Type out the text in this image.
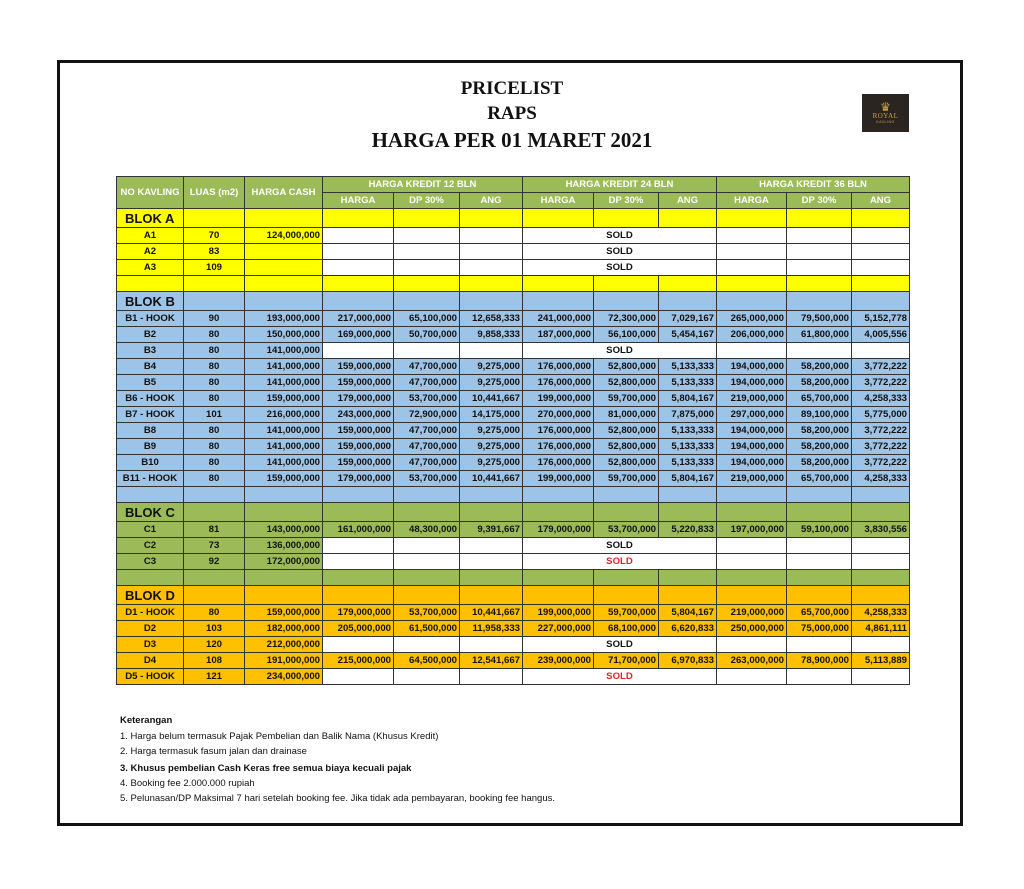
PRICELIST
RAPS
HARGA PER 01 MARET 2021
♛
ROYAL
KAVLING
NO KAVLING	LUAS (m2)	HARGA CASH	HARGA KREDIT 12 BLN			HARGA KREDIT 24 BLN			HARGA KREDIT 36 BLN		
			HARGA	DP 30%	ANG	HARGA	DP 30%	ANG	HARGA	DP 30%	ANG
BLOK A											
A1	70	124,000,000				SOLD					
A2	83					SOLD					
A3	109					SOLD					

BLOK B											
B1 - HOOK	90	193,000,000	217,000,000	65,100,000	12,658,333	241,000,000	72,300,000	7,029,167	265,000,000	79,500,000	5,152,778
B2	80	150,000,000	169,000,000	50,700,000	9,858,333	187,000,000	56,100,000	5,454,167	206,000,000	61,800,000	4,005,556
B3	80	141,000,000				SOLD					
B4	80	141,000,000	159,000,000	47,700,000	9,275,000	176,000,000	52,800,000	5,133,333	194,000,000	58,200,000	3,772,222
B5	80	141,000,000	159,000,000	47,700,000	9,275,000	176,000,000	52,800,000	5,133,333	194,000,000	58,200,000	3,772,222
B6 - HOOK	80	159,000,000	179,000,000	53,700,000	10,441,667	199,000,000	59,700,000	5,804,167	219,000,000	65,700,000	4,258,333
B7 - HOOK	101	216,000,000	243,000,000	72,900,000	14,175,000	270,000,000	81,000,000	7,875,000	297,000,000	89,100,000	5,775,000
B8	80	141,000,000	159,000,000	47,700,000	9,275,000	176,000,000	52,800,000	5,133,333	194,000,000	58,200,000	3,772,222
B9	80	141,000,000	159,000,000	47,700,000	9,275,000	176,000,000	52,800,000	5,133,333	194,000,000	58,200,000	3,772,222
B10	80	141,000,000	159,000,000	47,700,000	9,275,000	176,000,000	52,800,000	5,133,333	194,000,000	58,200,000	3,772,222
B11 - HOOK	80	159,000,000	179,000,000	53,700,000	10,441,667	199,000,000	59,700,000	5,804,167	219,000,000	65,700,000	4,258,333

BLOK C											
C1	81	143,000,000	161,000,000	48,300,000	9,391,667	179,000,000	53,700,000	5,220,833	197,000,000	59,100,000	3,830,556
C2	73	136,000,000				SOLD					
C3	92	172,000,000				SOLD					

BLOK D											
D1 - HOOK	80	159,000,000	179,000,000	53,700,000	10,441,667	199,000,000	59,700,000	5,804,167	219,000,000	65,700,000	4,258,333
D2	103	182,000,000	205,000,000	61,500,000	11,958,333	227,000,000	68,100,000	6,620,833	250,000,000	75,000,000	4,861,111
D3	120	212,000,000				SOLD					
D4	108	191,000,000	215,000,000	64,500,000	12,541,667	239,000,000	71,700,000	6,970,833	263,000,000	78,900,000	5,113,889
D5 - HOOK	121	234,000,000				SOLD					
Keterangan
1. Harga belum termasuk Pajak Pembelian dan Balik Nama (Khusus Kredit)
2. Harga termasuk fasum jalan dan drainase
3. Khusus pembelian Cash Keras free semua biaya kecuali pajak
4. Booking fee 2.000.000 rupiah
5. Pelunasan/DP Maksimal 7 hari setelah booking fee. Jika tidak ada pembayaran, booking fee hangus.
